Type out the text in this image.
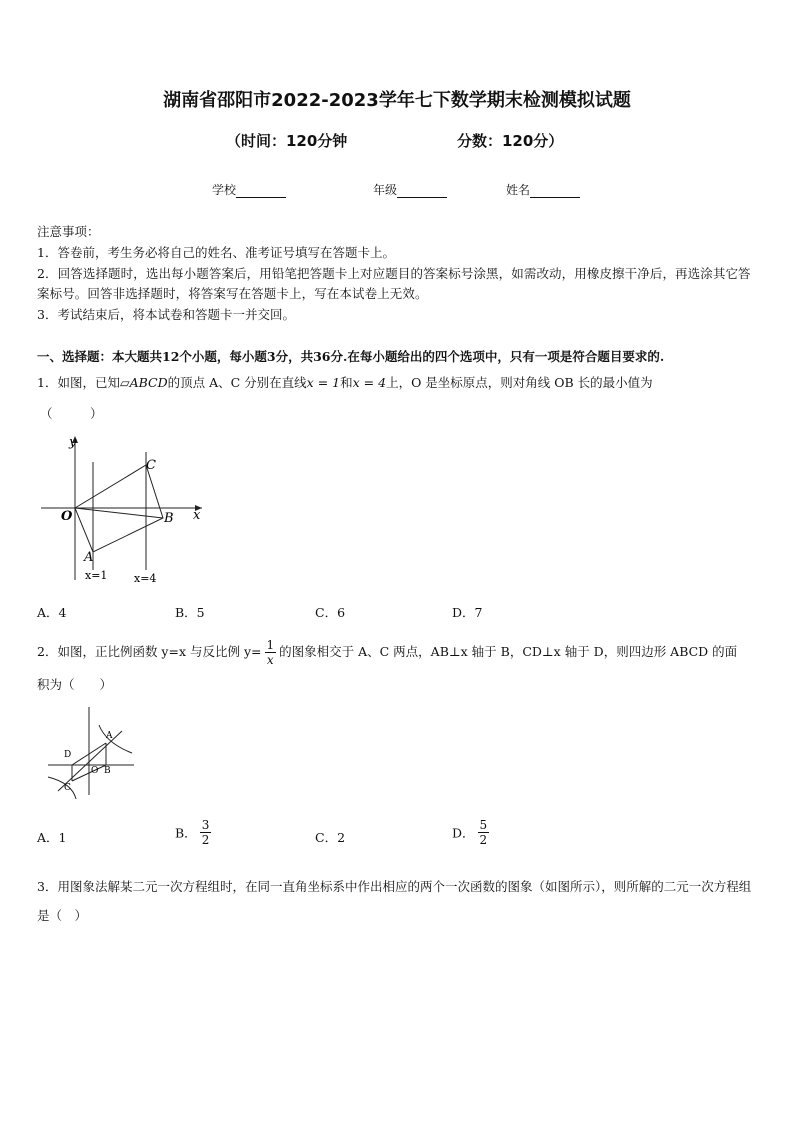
湖南省邵阳市2022-2023学年七下数学期末检测模拟试题
（时间：120分钟	分数：120分）
学校	年级	姓名
注意事项：
1．答卷前，考生务必将自己的姓名、准考证号填写在答题卡上。
2．回答选择题时，选出每小题答案后，用铅笔把答题卡上对应题目的答案标号涂黑，如需改动，用橡皮擦干净后，再选涂其它答案标号。回答非选择题时，将答案写在答题卡上，写在本试卷上无效。
3．考试结束后，将本试卷和答题卡一并交回。
一、选择题：本大题共12个小题，每小题3分，共36分.在每小题给出的四个选项中，只有一项是符合题目要求的.
1．如图，已知▱ABCD的顶点 A、C 分别在直线x = 1和x = 4上，O 是坐标原点，则对角线 OB 长的最小值为
（　　　）
y
x
O
A
B
C
x=1 x=4
A．4	B．5	C．6	D．7
2．如图，正比例函数 y=x 与反比例 $y= \frac{1}{x}$ 的图象相交于 A、C 两点，AB⊥x 轴于 B，CD⊥x 轴于 D，则四边形 ABCD 的面
积为（　　）
A
B
C
D
O
A．1	B． $\frac{3}{2}$	C．2	D． $\frac{5}{2}$
3．用图象法解某二元一次方程组时，在同一直角坐标系中作出相应的两个一次函数的图象（如图所示），则所解的二元一次方程组是（　）
